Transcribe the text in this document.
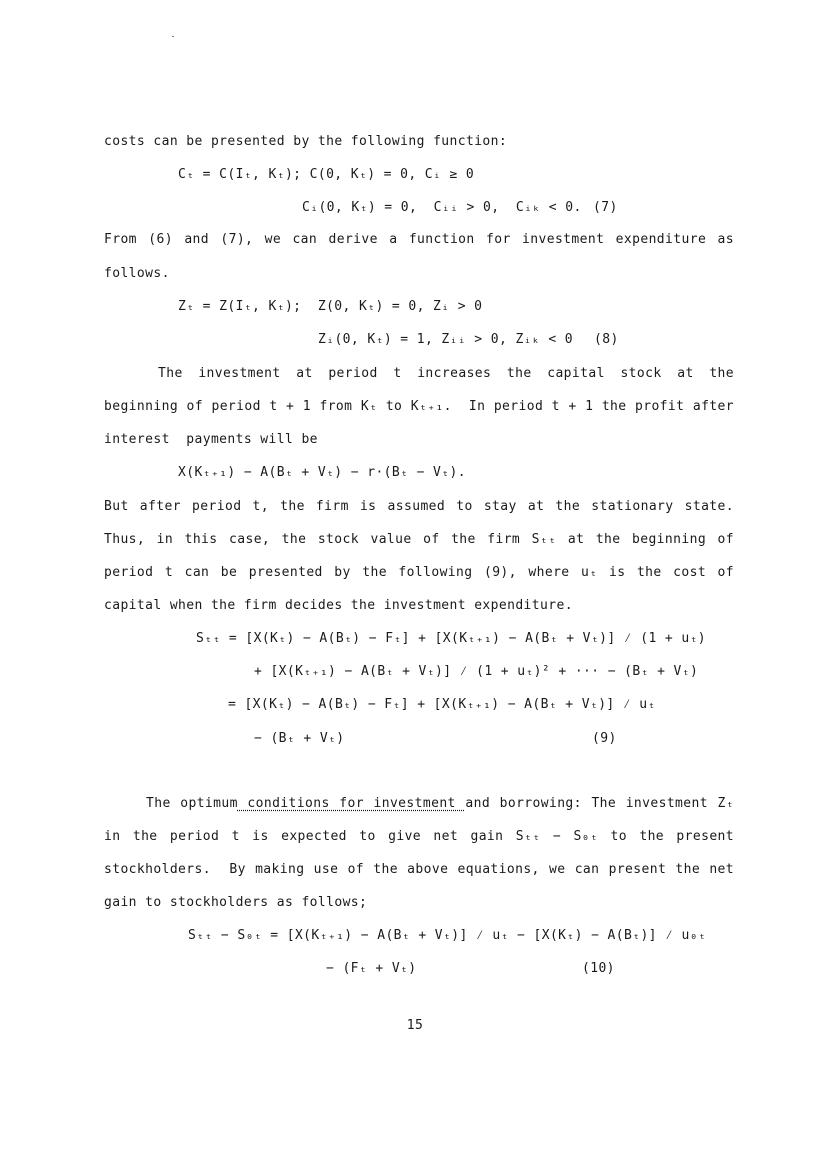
costs can be presented by the following function:
Cₜ = C(Iₜ, Kₜ); C(0, Kₜ) = 0, Cᵢ ≥ 0
Cᵢ(0, Kₜ) = 0,  Cᵢᵢ > 0,  Cᵢₖ < 0. (7)
From (6) and (7), we can derive a function for investment expenditure as
follows.
Zₜ = Z(Iₜ, Kₜ);  Z(0, Kₜ) = 0, Zᵢ > 0
Zᵢ(0, Kₜ) = 1, Zᵢᵢ > 0, Zᵢₖ < 0 (8)
The investment at period t increases the capital stock at the
beginning of period t + 1 from Kₜ to Kₜ₊₁.  In period t + 1 the profit after
interest  payments will be
X(Kₜ₊₁) − A(Bₜ + Vₜ) − r·(Bₜ − Vₜ).
But after period t, the firm is assumed to stay at the stationary state.
Thus, in this case, the stock value of the firm Sₜₜ at the beginning of
period t can be presented by the following (9), where uₜ is the cost of
capital when the firm decides the investment expenditure.
Sₜₜ = [X(Kₜ) − A(Bₜ) − Fₜ] + [X(Kₜ₊₁) − A(Bₜ + Vₜ)] ⁄ (1 + uₜ)
+ [X(Kₜ₊₁) − A(Bₜ + Vₜ)] ⁄ (1 + uₜ)² + ··· − (Bₜ + Vₜ)
= [X(Kₜ) − A(Bₜ) − Fₜ] + [X(Kₜ₊₁) − A(Bₜ + Vₜ)] ⁄ uₜ
− (Bₜ + Vₜ)	(9)
The optimum conditions for investment and borrowing: The investment Zₜ
in the period t is expected to give net gain Sₜₜ − S₀ₜ to the present
stockholders.  By making use of the above equations, we can present the net
gain to stockholders as follows;
Sₜₜ − S₀ₜ = [X(Kₜ₊₁) − A(Bₜ + Vₜ)] ⁄ uₜ − [X(Kₜ) − A(Bₜ)] ⁄ u₀ₜ
− (Fₜ + Vₜ)	(10)
15
